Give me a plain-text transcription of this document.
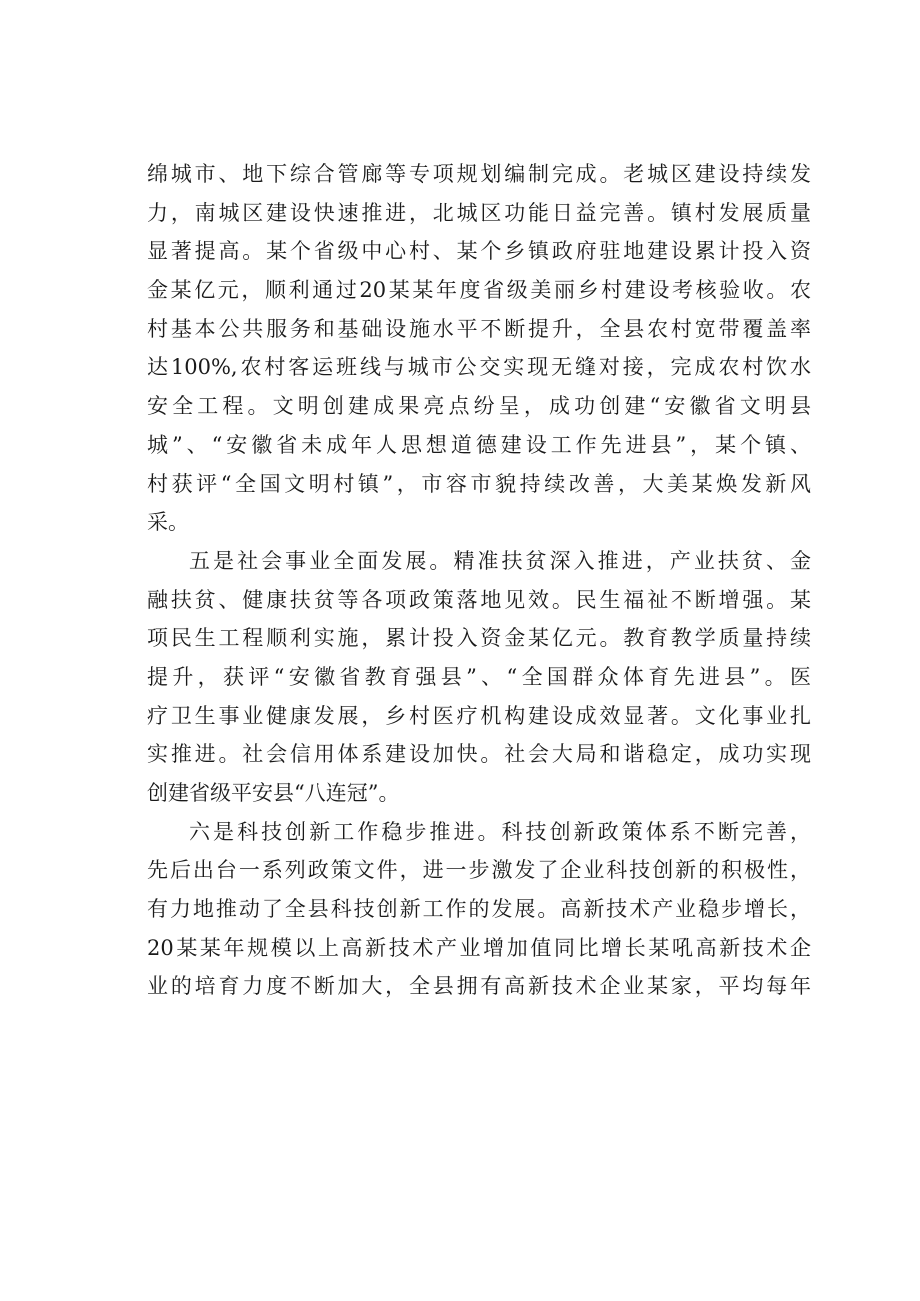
绵城市、地下综合管廊等专项规划编制完成。老城区建设持续发
力，南城区建设快速推进，北城区功能日益完善。镇村发展质量
显著提高。某个省级中心村、某个乡镇政府驻地建设累计投入资
金某亿元，顺利通过20某某年度省级美丽乡村建设考核验收。农
村基本公共服务和基础设施水平不断提升，全县农村宽带覆盖率
达100%,农村客运班线与城市公交实现无缝对接，完成农村饮水
安全工程。文明创建成果亮点纷呈，成功创建“安徽省文明县
城”、“安徽省未成年人思想道德建设工作先进县”，某个镇、
村获评“全国文明村镇”，市容市貌持续改善，大美某焕发新风
采。
五是社会事业全面发展。精准扶贫深入推进，产业扶贫、金
融扶贫、健康扶贫等各项政策落地见效。民生福祉不断增强。某
项民生工程顺利实施，累计投入资金某亿元。教育教学质量持续
提升，获评“安徽省教育强县”、“全国群众体育先进县”。医
疗卫生事业健康发展，乡村医疗机构建设成效显著。文化事业扎
实推进。社会信用体系建设加快。社会大局和谐稳定，成功实现
创建省级平安县“八连冠”。
六是科技创新工作稳步推进。科技创新政策体系不断完善，
先后出台一系列政策文件，进一步激发了企业科技创新的积极性，
有力地推动了全县科技创新工作的发展。高新技术产业稳步增长，
20某某年规模以上高新技术产业增加值同比增长某吼高新技术企
业的培育力度不断加大，全县拥有高新技术企业某家，平均每年
